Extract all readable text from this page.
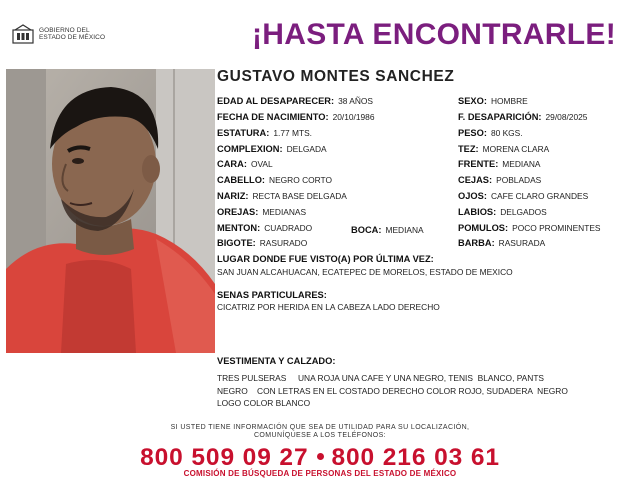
GOBIERNO DEL
ESTADO DE MÉXICO	¡HASTA ENCONTRARLE!
GUSTAVO MONTES SANCHEZ
EDAD AL DESAPARECER: 38 AÑOS
FECHA DE NACIMIENTO: 20/10/1986
ESTATURA: 1.77 MTS.
COMPLEXION: DELGADA
CARA: OVAL
CABELLO: NEGRO CORTO
NARIZ: RECTA BASE DELGADA
OREJAS: MEDIANAS
MENTON: CUADRADO	BOCA: MEDIANA
BIGOTE: RASURADO
SEXO: HOMBRE
F. DESAPARICIÓN: 29/08/2025
PESO: 80 KGS.
TEZ: MORENA CLARA
FRENTE: MEDIANA
CEJAS: POBLADAS
OJOS: CAFE CLARO GRANDES
LABIOS: DELGADOS
POMULOS: POCO PROMINENTES
BARBA: RASURADA
LUGAR DONDE FUE VISTO(A) POR ÚLTIMA VEZ:
SAN JUAN ALCAHUACAN, ECATEPEC DE MORELOS, ESTADO DE MEXICO
SENAS PARTICULARES:
CICATRIZ POR HERIDA EN LA CABEZA LADO DERECHO
VESTIMENTA Y CALZADO:
TRES PULSERAS     UNA ROJA UNA CAFE Y UNA NEGRO, TENIS  BLANCO, PANTS
NEGRO    CON LETRAS EN EL COSTADO DERECHO COLOR ROJO, SUDADERA  NEGRO
LOGO COLOR BLANCO
SI USTED TIENE INFORMACIÓN QUE SEA DE UTILIDAD PARA SU LOCALIZACIÓN,
COMUNÍQUESE A LOS TELÉFONOS:
800 509 09 27 800 216 03 61
COMISIÓN DE BÚSQUEDA DE PERSONAS DEL ESTADO DE MÉXICO
